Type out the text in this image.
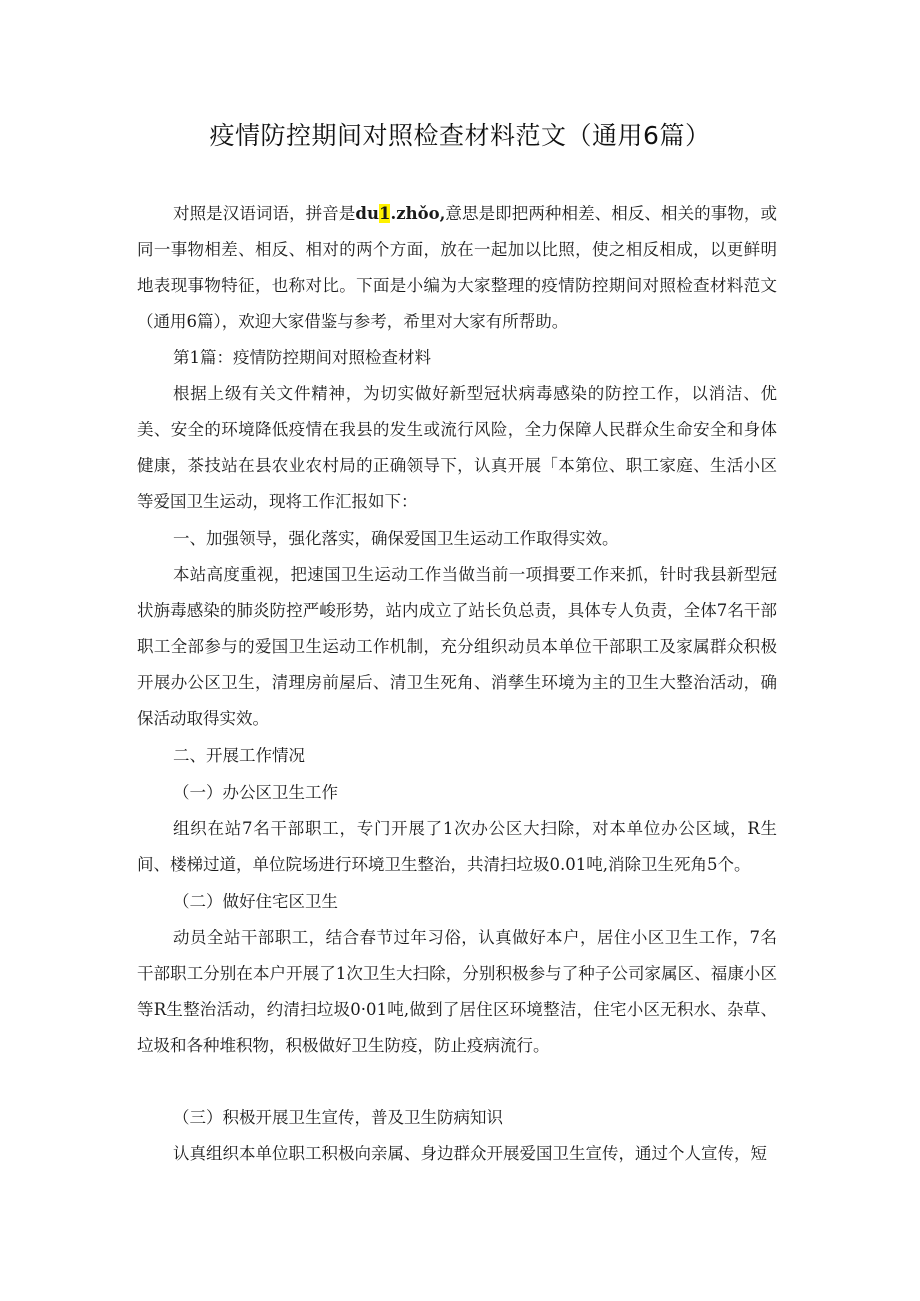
疫情防控期间对照检查材料范文（通用6篇）

对照是汉语词语，拼音是du1.zhǒo,意思是即把两种相差、相反、相关的事物，或同一事物相差、相反、相对的两个方面，放在一起加以比照，使之相反相成，以更鲜明地表现事物特征，也称对比。下面是小编为大家整理的疫情防控期间对照检查材料范文（通用6篇），欢迎大家借鉴与参考，希里对大家有所帮助。

第1篇：疫情防控期间对照检查材料

根据上级有关文件精神，为切实做好新型冠状病毒感染的防控工作，以消洁、优美、安全的环境降低疫情在我县的发生或流行风险，全力保障人民群众生命安全和身体健康，茶技站在县农业农村局的正确领导下，认真开展「本第位、职工家庭、生活小区等爱国卫生运动，现将工作汇报如下：

一、加强领导，强化落实，确保爱国卫生运动工作取得实效。

本站高度重视，把速国卫生运动工作当做当前一项揖要工作来抓，针时我县新型冠状旃毒感染的肺炎防控严峻形势，站内成立了站长负总责，具体专人负责，全体7名干部职工全部参与的爱国卫生运动工作机制，充分组织动员本单位干部职工及家属群众积极开展办公区卫生，清理房前屋后、清卫生死角、消孳生环境为主的卫生大整治活动，确保活动取得实效。

二、开展工作情况

（一）办公区卫生工作

组织在站7名干部职工，专门开展了1次办公区大扫除，对本单位办公区域，R生间、楼梯过道，单位院场进行环境卫生整治，共清扫垃圾0.01吨,消除卫生死角5个。

（二）做好住宅区卫生

动员全站干部职工，结合春节过年习俗，认真做好本户，居住小区卫生工作，7名干部职工分别在本户开展了1次卫生大扫除，分别积极参与了种子公司家属区、福康小区等R生整治活动，约清扫垃圾0·01吨,做到了居住区环境整洁，住宅小区无积水、杂草、垃圾和各种堆积物，积极做好卫生防疫，防止疫病流行。

（三）积极开展卫生宣传，普及卫生防病知识

认真组织本单位职工积极向亲属、身边群众开展爱国卫生宣传，通过个人宣传，短
